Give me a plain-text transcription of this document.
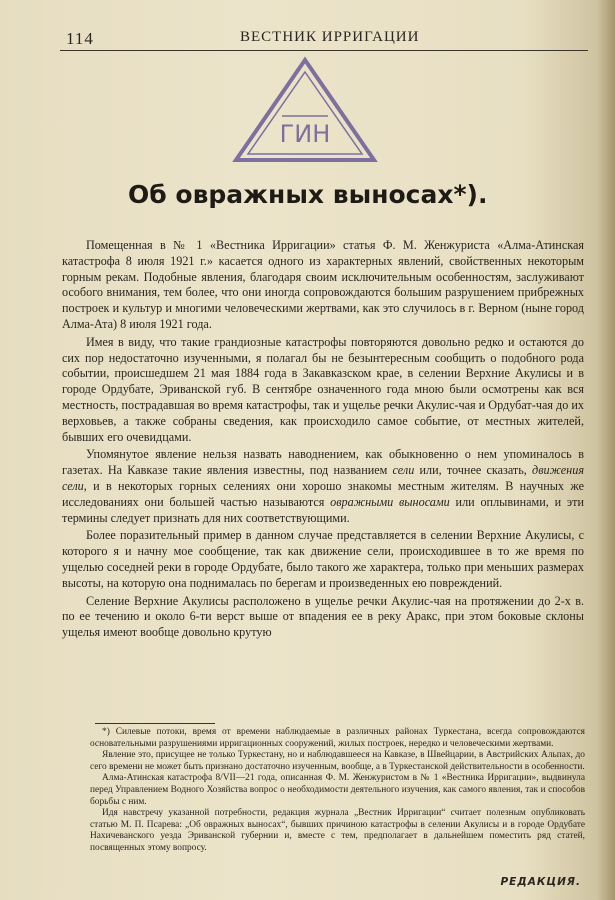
114	ВЕСТНИК ИРРИГАЦИИ
ГИН
Об овражных выносах*).

Помещенная в № 1 «Вестника Ирригации» статья Ф. М. Женжуриста «Алма-Атинская катастрофа 8 июля 1921 г.» касается одного из характерных явлений, свойственных некоторым горным рекам. Подобные явления, благодаря своим исключительным особенностям, заслуживают особого внимания, тем более, что они иногда сопровождаются большим разрушением прибрежных построек и культур и многими человеческими жертвами, как это случилось в г. Верном (ныне город Алма-Ата) 8 июля 1921 года.

Имея в виду, что такие грандиозные катастрофы повторяются довольно редко и остаются до сих пор недостаточно изученными, я полагал бы не безынтересным сообщить о подобного рода событии, происшедшем 21 мая 1884 года в Закавказском крае, в селении Верхние Акулисы и в городе Ордубате, Эриванской губ. В сентябре означенного года мною были осмотрены как вся местность, пострадавшая во время катастрофы, так и ущелье речки Акулис-чая и Ордубат-чая до их верховьев, а также собраны сведения, как происходило самое событие, от местных жителей, бывших его очевидцами.

Упомянутое явление нельзя назвать наводнением, как обыкновенно о нем упоминалось в газетах. На Кавказе такие явления известны, под названием сели или, точнее сказать, движения сели, и в некоторых горных селениях они хорошо знакомы местным жителям. В научных же исследованиях они большей частью называются овражными выносами или оплывинами, и эти термины следует признать для них соответствующими.

Более поразительный пример в данном случае представляется в селении Верхние Акулисы, с которого я и начну мое сообщение, так как движение сели, происходившее в то же время по ущелью соседней реки в городе Ордубате, было такого же характера, только при меньших размерах высоты, на которую она поднималась по берегам и произведенных ею повреждений.

Селение Верхние Акулисы расположено в ущелье речки Акулис-чая на протяжении до 2-х в. по ее течению и около 6-ти верст выше от впадения ее в реку Аракс, при этом боковые склоны ущелья имеют вообще довольно крутую

*) Силевые потоки, время от времени наблюдаемые в различных районах Туркестана, всегда сопровождаются основательными разрушениями ирригационных сооружений, жилых построек, нередко и человеческими жертвами.

Явление это, присущее не только Туркестану, но и наблюдавшееся на Кавказе, в Швейцарии, в Австрийских Альпах, до сего времени не может быть признано достаточно изученным, вообще, а в Туркестанской действительности в особенности.

Алма-Атинская катастрофа 8/VII—21 года, описанная Ф. М. Женжуристом в № 1 «Вестника Ирригации», выдвинула перед Управлением Водного Хозяйства вопрос о необходимости деятельного изучения, как самого явления, так и способов борьбы с ним.

Идя навстречу указанной потребности, редакция журнала „Вестник Ирригации“ считает полезным опубликовать статью М. П. Псарева: „Об овражных выносах“, бывших причиною катастрофы в селении Акулисы и в городе Ордубате Нахичеванского уезда Эриванской губернии и, вместе с тем, предполагает в дальнейшем поместить ряд статей, посвященных этому вопросу.

РЕДАКЦИЯ.
